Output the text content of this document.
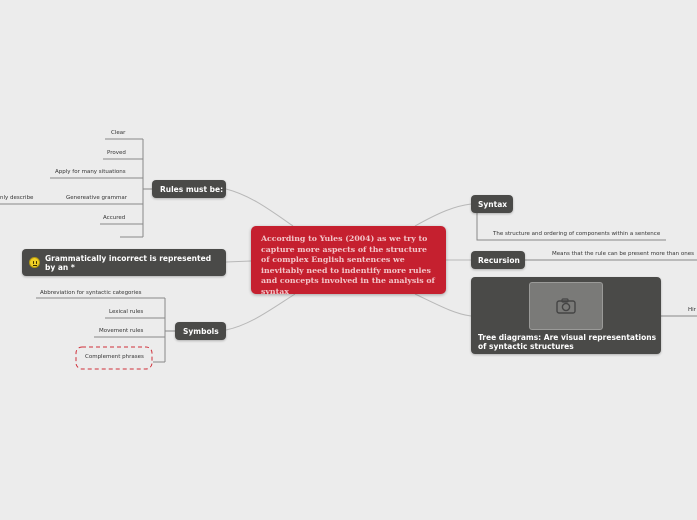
According to Yules (2004) as we try to capture more aspects of the structure of complex English sentences we inevitably need to indentify more rules and concepts involved in the analysis of syntax
Rules must be:
Clear
Proved
Apply for many situations
Genereative grammar
Accured
nly describe
Grammatically incorrect is represented by an *
Symbols
Abbreviation for syntactic categories
Lexical rules
Movement rules
Complement phrases
Syntax
The structure and ordering of components within a sentence
Recursion
Means that the rule can be present more than ones
Tree diagrams: Are visual representations of syntactic structures
Hir
